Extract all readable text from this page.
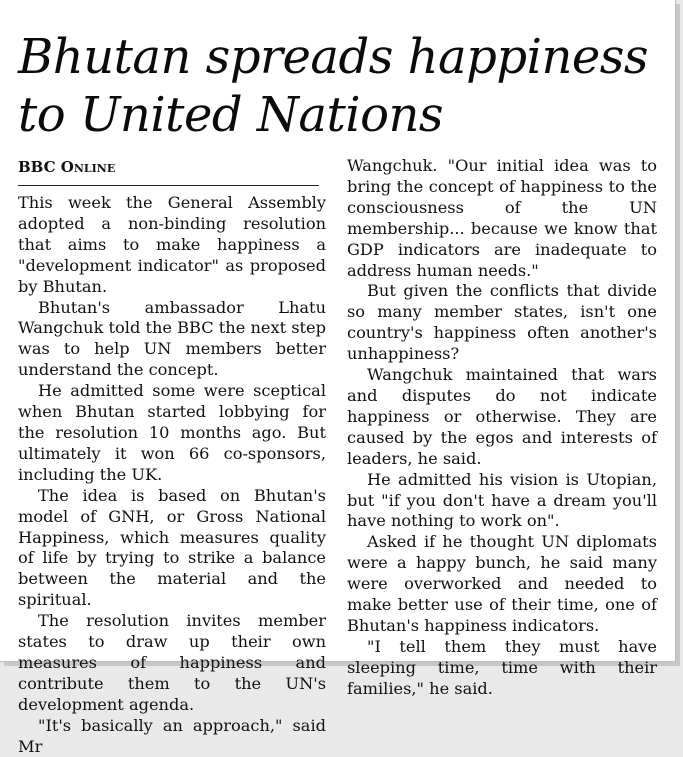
Bhutan spreads happiness to United Nations
BBC Online

This week the General Assembly adopted a non-binding resolution that aims to make happiness a "development indicator" as proposed by Bhutan.

Bhutan's ambassador Lhatu Wangchuk told the BBC the next step was to help UN members better understand the concept.

He admitted some were sceptical when Bhutan started lobbying for the resolution 10 months ago. But ultimately it won 66 co-sponsors, including the UK.

The idea is based on Bhutan's model of GNH, or Gross National Happiness, which measures quality of life by trying to strike a balance between the material and the spiritual.

The resolution invites member states to draw up their own measures of happiness and contribute them to the UN's development agenda.

"It's basically an approach," said Mr

Wangchuk. "Our initial idea was to bring the concept of happiness to the consciousness of the UN membership... because we know that GDP indicators are inadequate to address human needs."

But given the conflicts that divide so many member states, isn't one country's happiness often another's unhappiness?

Wangchuk maintained that wars and disputes do not indicate happiness or otherwise. They are caused by the egos and interests of leaders, he said.

He admitted his vision is Utopian, but "if you don't have a dream you'll have nothing to work on".

Asked if he thought UN diplomats were a happy bunch, he said many were overworked and needed to make better use of their time, one of Bhutan's happiness indicators.

"I tell them they must have sleeping time, time with their families," he said.
